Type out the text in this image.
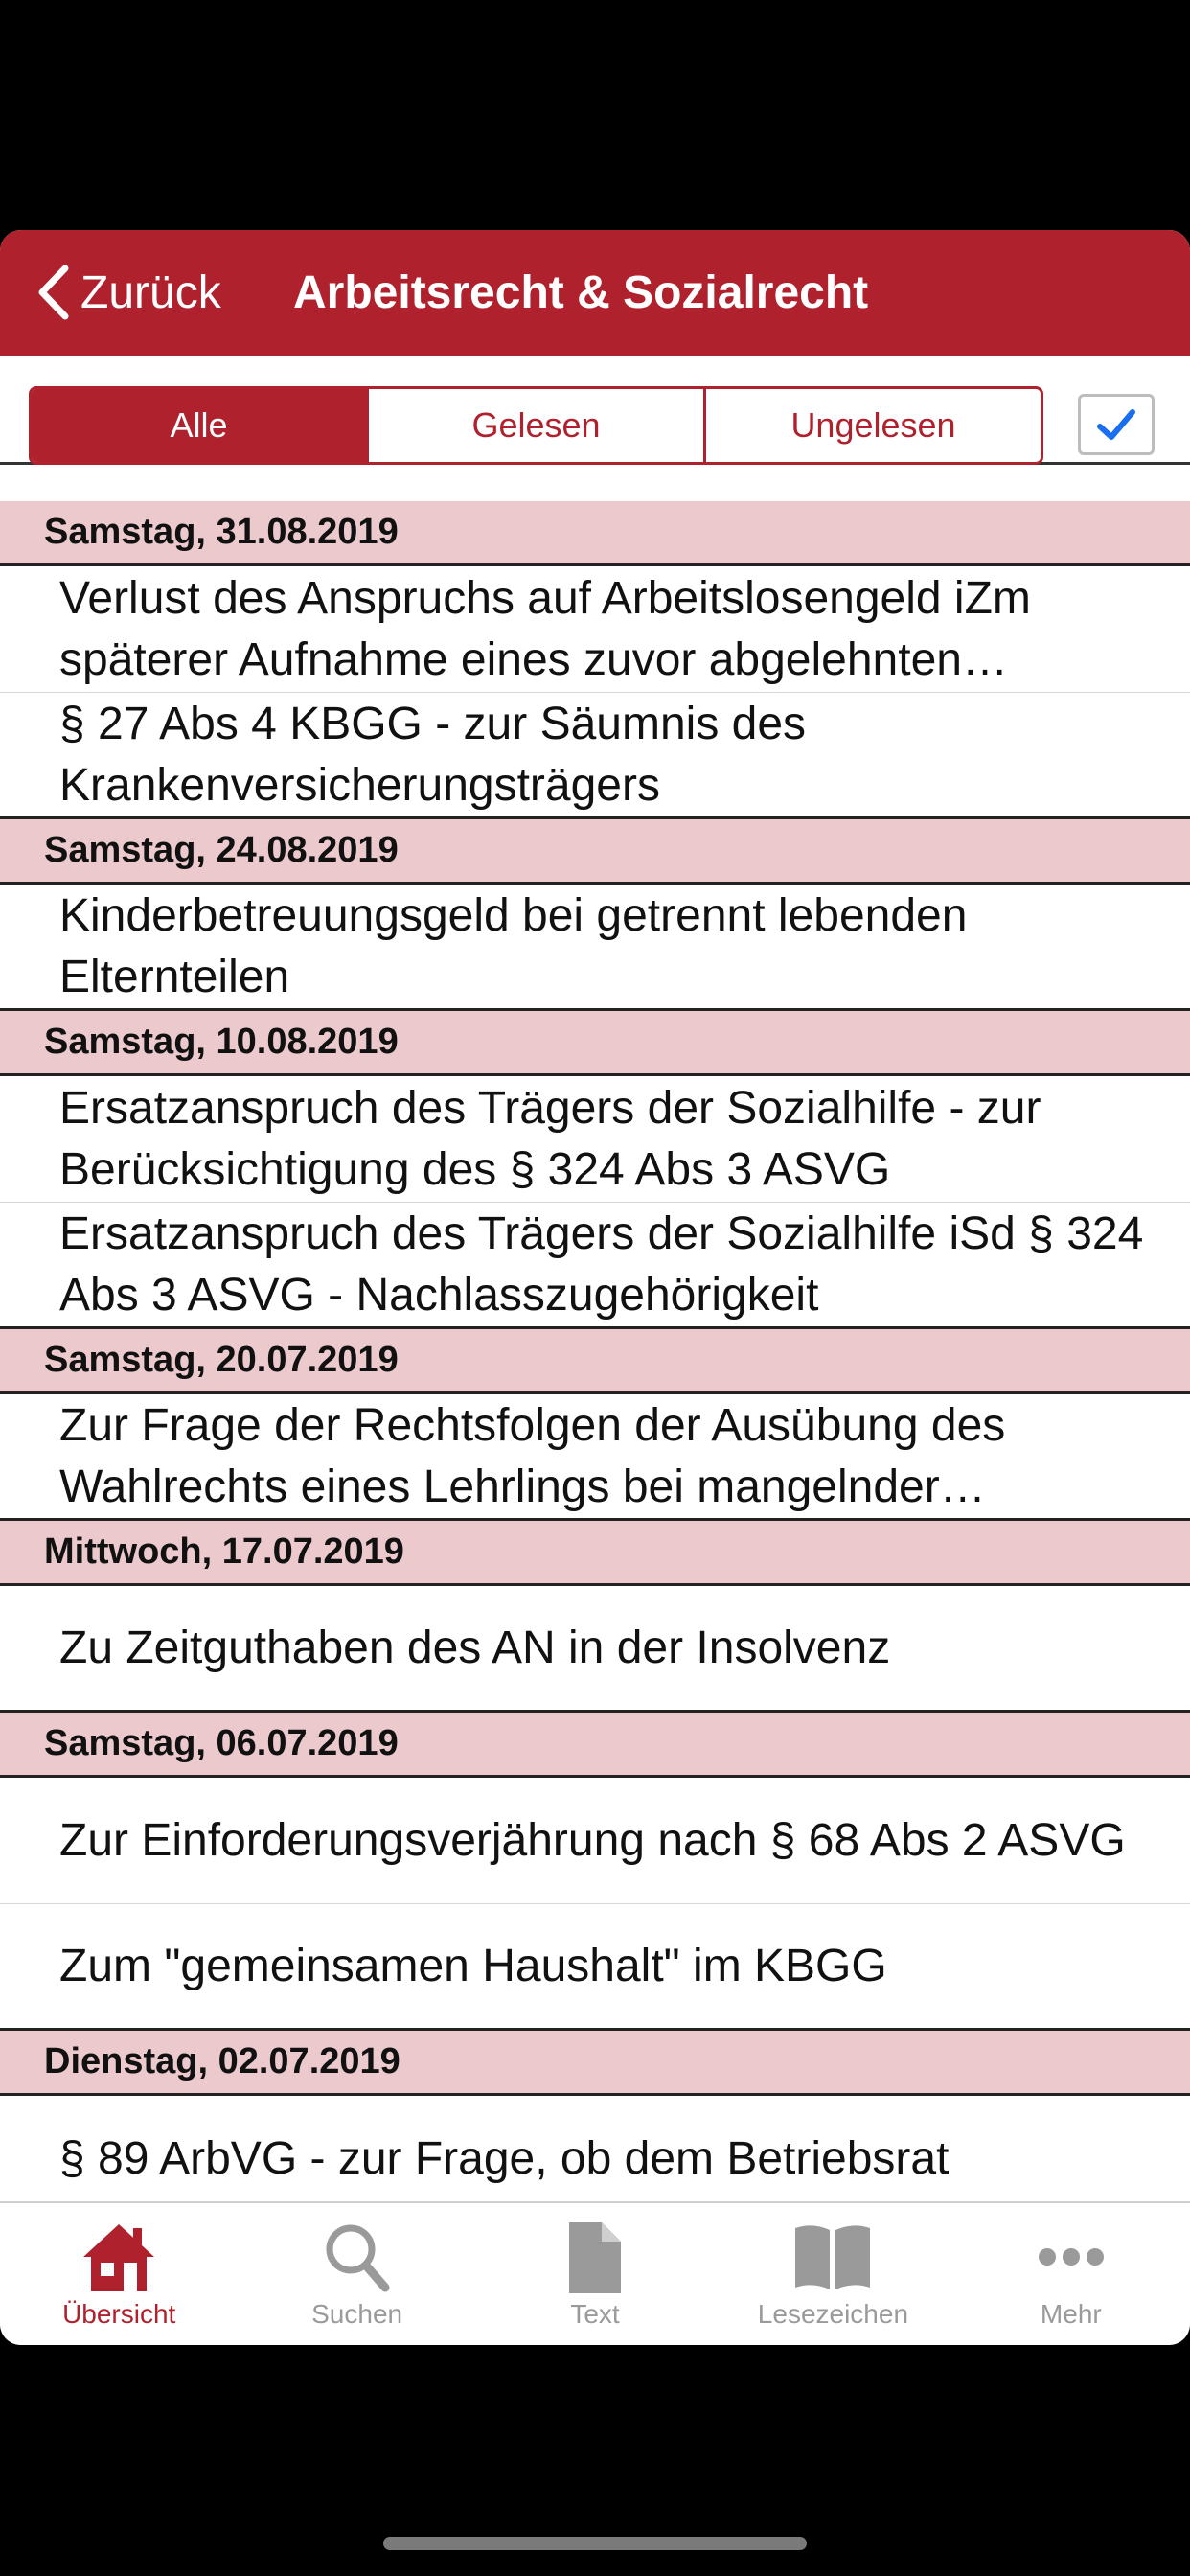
Zurück Arbeitsrecht & Sozialrecht
Alle	Gelesen	Ungelesen
Samstag, 31.08.2019
Verlust des Anspruchs auf Arbeitslosengeld iZm späterer Aufnahme eines zuvor abgelehnten
§ 27 Abs 4 KBGG - zur Säumnis des Krankenversicherungsträgers
Samstag, 24.08.2019
Kinderbetreuungsgeld bei getrennt lebenden Elternteilen
Samstag, 10.08.2019
Ersatzanspruch des Trägers der Sozialhilfe - zur Berücksichtigung des § 324 Abs 3 ASVG
Ersatzanspruch des Trägers der Sozialhilfe iSd § 324 Abs 3 ASVG - Nachlasszugehörigkeit
Samstag, 20.07.2019
Zur Frage der Rechtsfolgen der Ausübung des Wahlrechts eines Lehrlings bei mangelnder
Mittwoch, 17.07.2019
Zu Zeitguthaben des AN in der Insolvenz
Samstag, 06.07.2019
Zur Einforderungsverjährung nach § 68 Abs 2 ASVG
Zum "gemeinsamen Haushalt" im KBGG
Dienstag, 02.07.2019
§ 89 ArbVG - zur Frage, ob dem Betriebsrat
Übersicht	Suchen	Text	Lesezeichen	Mehr
